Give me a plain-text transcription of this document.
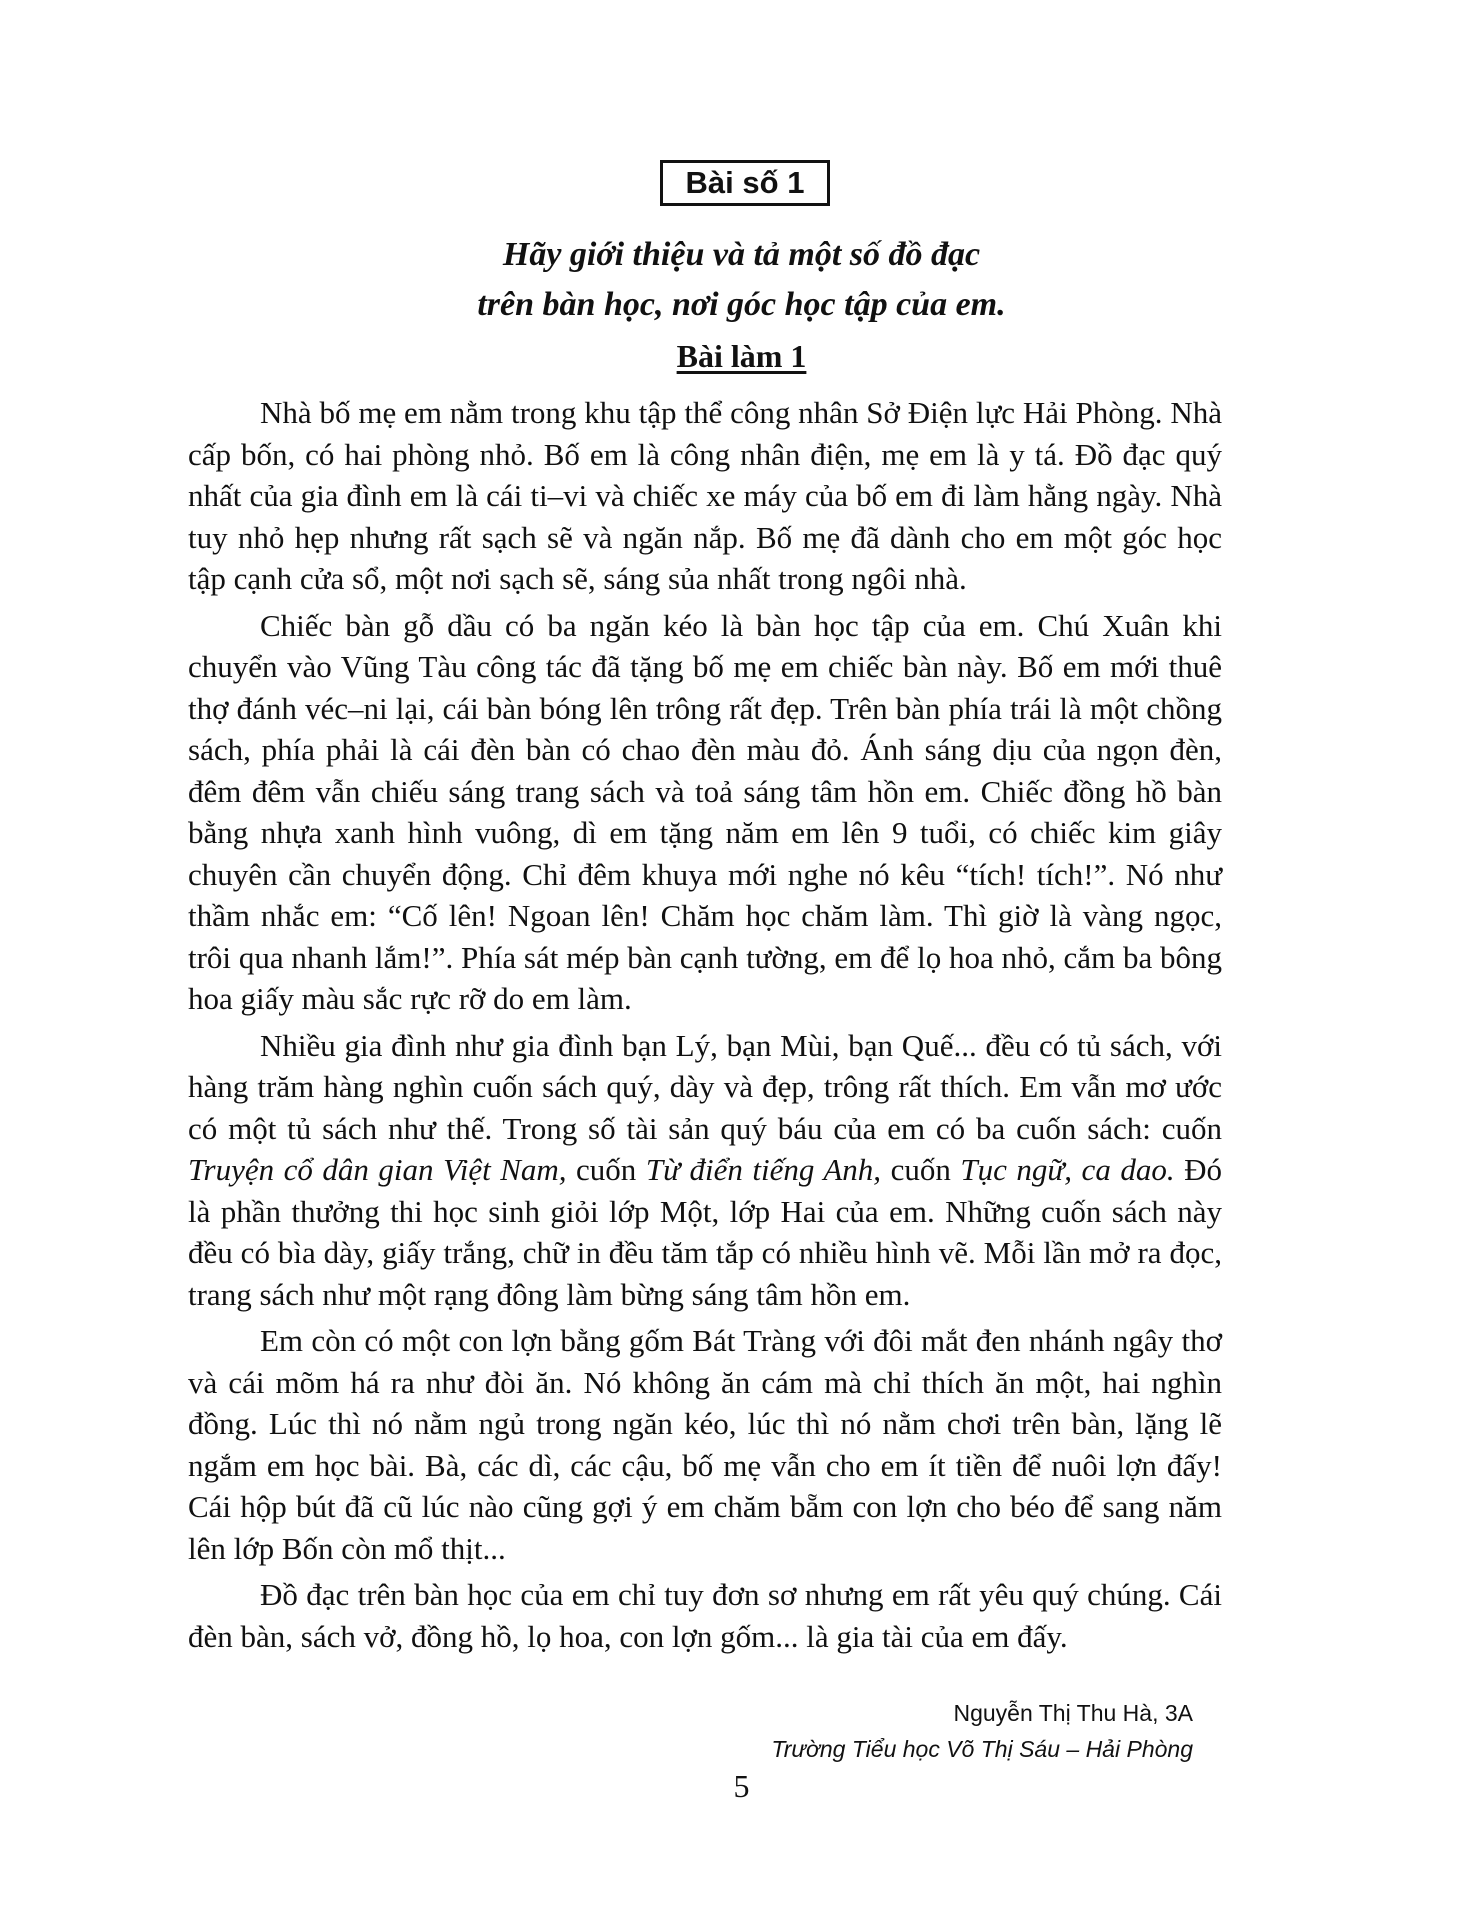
Bài số 1
Hãy giới thiệu và tả một số đồ đạc
trên bàn học, nơi góc học tập của em.
Bài làm 1

Nhà bố mẹ em nằm trong khu tập thể công nhân Sở Điện lực Hải Phòng. Nhà cấp bốn, có hai phòng nhỏ. Bố em là công nhân điện, mẹ em là y tá. Đồ đạc quý nhất của gia đình em là cái ti–vi và chiếc xe máy của bố em đi làm hằng ngày. Nhà tuy nhỏ hẹp nhưng rất sạch sẽ và ngăn nắp. Bố mẹ đã dành cho em một góc học tập cạnh cửa sổ, một nơi sạch sẽ, sáng sủa nhất trong ngôi nhà.

Chiếc bàn gỗ dầu có ba ngăn kéo là bàn học tập của em. Chú Xuân khi chuyển vào Vũng Tàu công tác đã tặng bố mẹ em chiếc bàn này. Bố em mới thuê thợ đánh véc–ni lại, cái bàn bóng lên trông rất đẹp. Trên bàn phía trái là một chồng sách, phía phải là cái đèn bàn có chao đèn màu đỏ. Ánh sáng dịu của ngọn đèn, đêm đêm vẫn chiếu sáng trang sách và toả sáng tâm hồn em. Chiếc đồng hồ bàn bằng nhựa xanh hình vuông, dì em tặng năm em lên 9 tuổi, có chiếc kim giây chuyên cần chuyển động. Chỉ đêm khuya mới nghe nó kêu “tích! tích!”. Nó như thầm nhắc em: “Cố lên! Ngoan lên! Chăm học chăm làm. Thì giờ là vàng ngọc, trôi qua nhanh lắm!”. Phía sát mép bàn cạnh tường, em để lọ hoa nhỏ, cắm ba bông hoa giấy màu sắc rực rỡ do em làm.

Nhiều gia đình như gia đình bạn Lý, bạn Mùi, bạn Quế... đều có tủ sách, với hàng trăm hàng nghìn cuốn sách quý, dày và đẹp, trông rất thích. Em vẫn mơ ước có một tủ sách như thế. Trong số tài sản quý báu của em có ba cuốn sách: cuốn Truyện cổ dân gian Việt Nam, cuốn Từ điển tiếng Anh, cuốn Tục ngữ, ca dao. Đó là phần thưởng thi học sinh giỏi lớp Một, lớp Hai của em. Những cuốn sách này đều có bìa dày, giấy trắng, chữ in đều tăm tắp có nhiều hình vẽ. Mỗi lần mở ra đọc, trang sách như một rạng đông làm bừng sáng tâm hồn em.

Em còn có một con lợn bằng gốm Bát Tràng với đôi mắt đen nhánh ngây thơ và cái mõm há ra như đòi ăn. Nó không ăn cám mà chỉ thích ăn một, hai nghìn đồng. Lúc thì nó nằm ngủ trong ngăn kéo, lúc thì nó nằm chơi trên bàn, lặng lẽ ngắm em học bài. Bà, các dì, các cậu, bố mẹ vẫn cho em ít tiền để nuôi lợn đấy! Cái hộp bút đã cũ lúc nào cũng gợi ý em chăm bẵm con lợn cho béo để sang năm lên lớp Bốn còn mổ thịt...

Đồ đạc trên bàn học của em chỉ tuy đơn sơ nhưng em rất yêu quý chúng. Cái đèn bàn, sách vở, đồng hồ, lọ hoa, con lợn gốm... là gia tài của em đấy.

Nguyễn Thị Thu Hà, 3A
Trường Tiểu học Võ Thị Sáu – Hải Phòng
5
